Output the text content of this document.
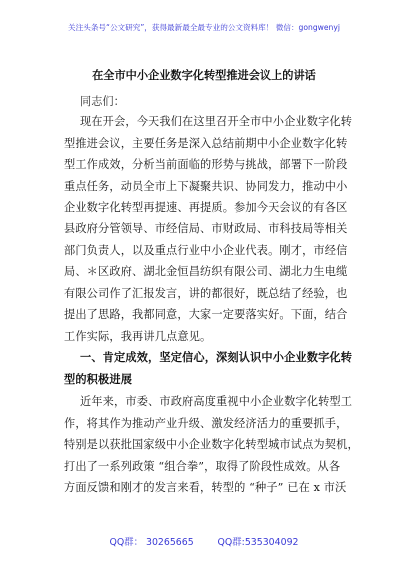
关注头条号“公文研究”，获得最新最全最专业的公文资料库！ 微信：gongwenyj
在全市中小企业数字化转型推进会议上的讲话
同志们：
现在开会，今天我们在这里召开全市中小企业数字化转
型推进会议，主要任务是深入总结前期中小企业数字化转
型工作成效，分析当前面临的形势与挑战，部署下一阶段
重点任务，动员全市上下凝聚共识、协同发力，推动中小
企业数字化转型再提速、再提质。参加今天会议的有各区
县政府分管领导、市经信局、市财政局、市科技局等相关
部门负责人，以及重点行业中小企业代表。刚才，市经信
局、＊区政府、湖北金恒昌纺织有限公司、湖北力生电缆
有限公司作了汇报发言，讲的都很好，既总结了经验，也
提出了思路，我都同意，大家一定要落实好。下面，结合
工作实际，我再讲几点意见。
一、肯定成效，坚定信心，深刻认识中小企业数字化转
型的积极进展
近年来，市委、市政府高度重视中小企业数字化转型工
作，将其作为推动产业升级、激发经济活力的重要抓手，
特别是以获批国家级中小企业数字化转型城市试点为契机，
打出了一系列政策 “组合拳”，取得了阶段性成效。从各
方面反馈和刚才的发言来看，转型的 “种子” 已在 x 市沃
QQ群： 30265665        QQ群:535304092
